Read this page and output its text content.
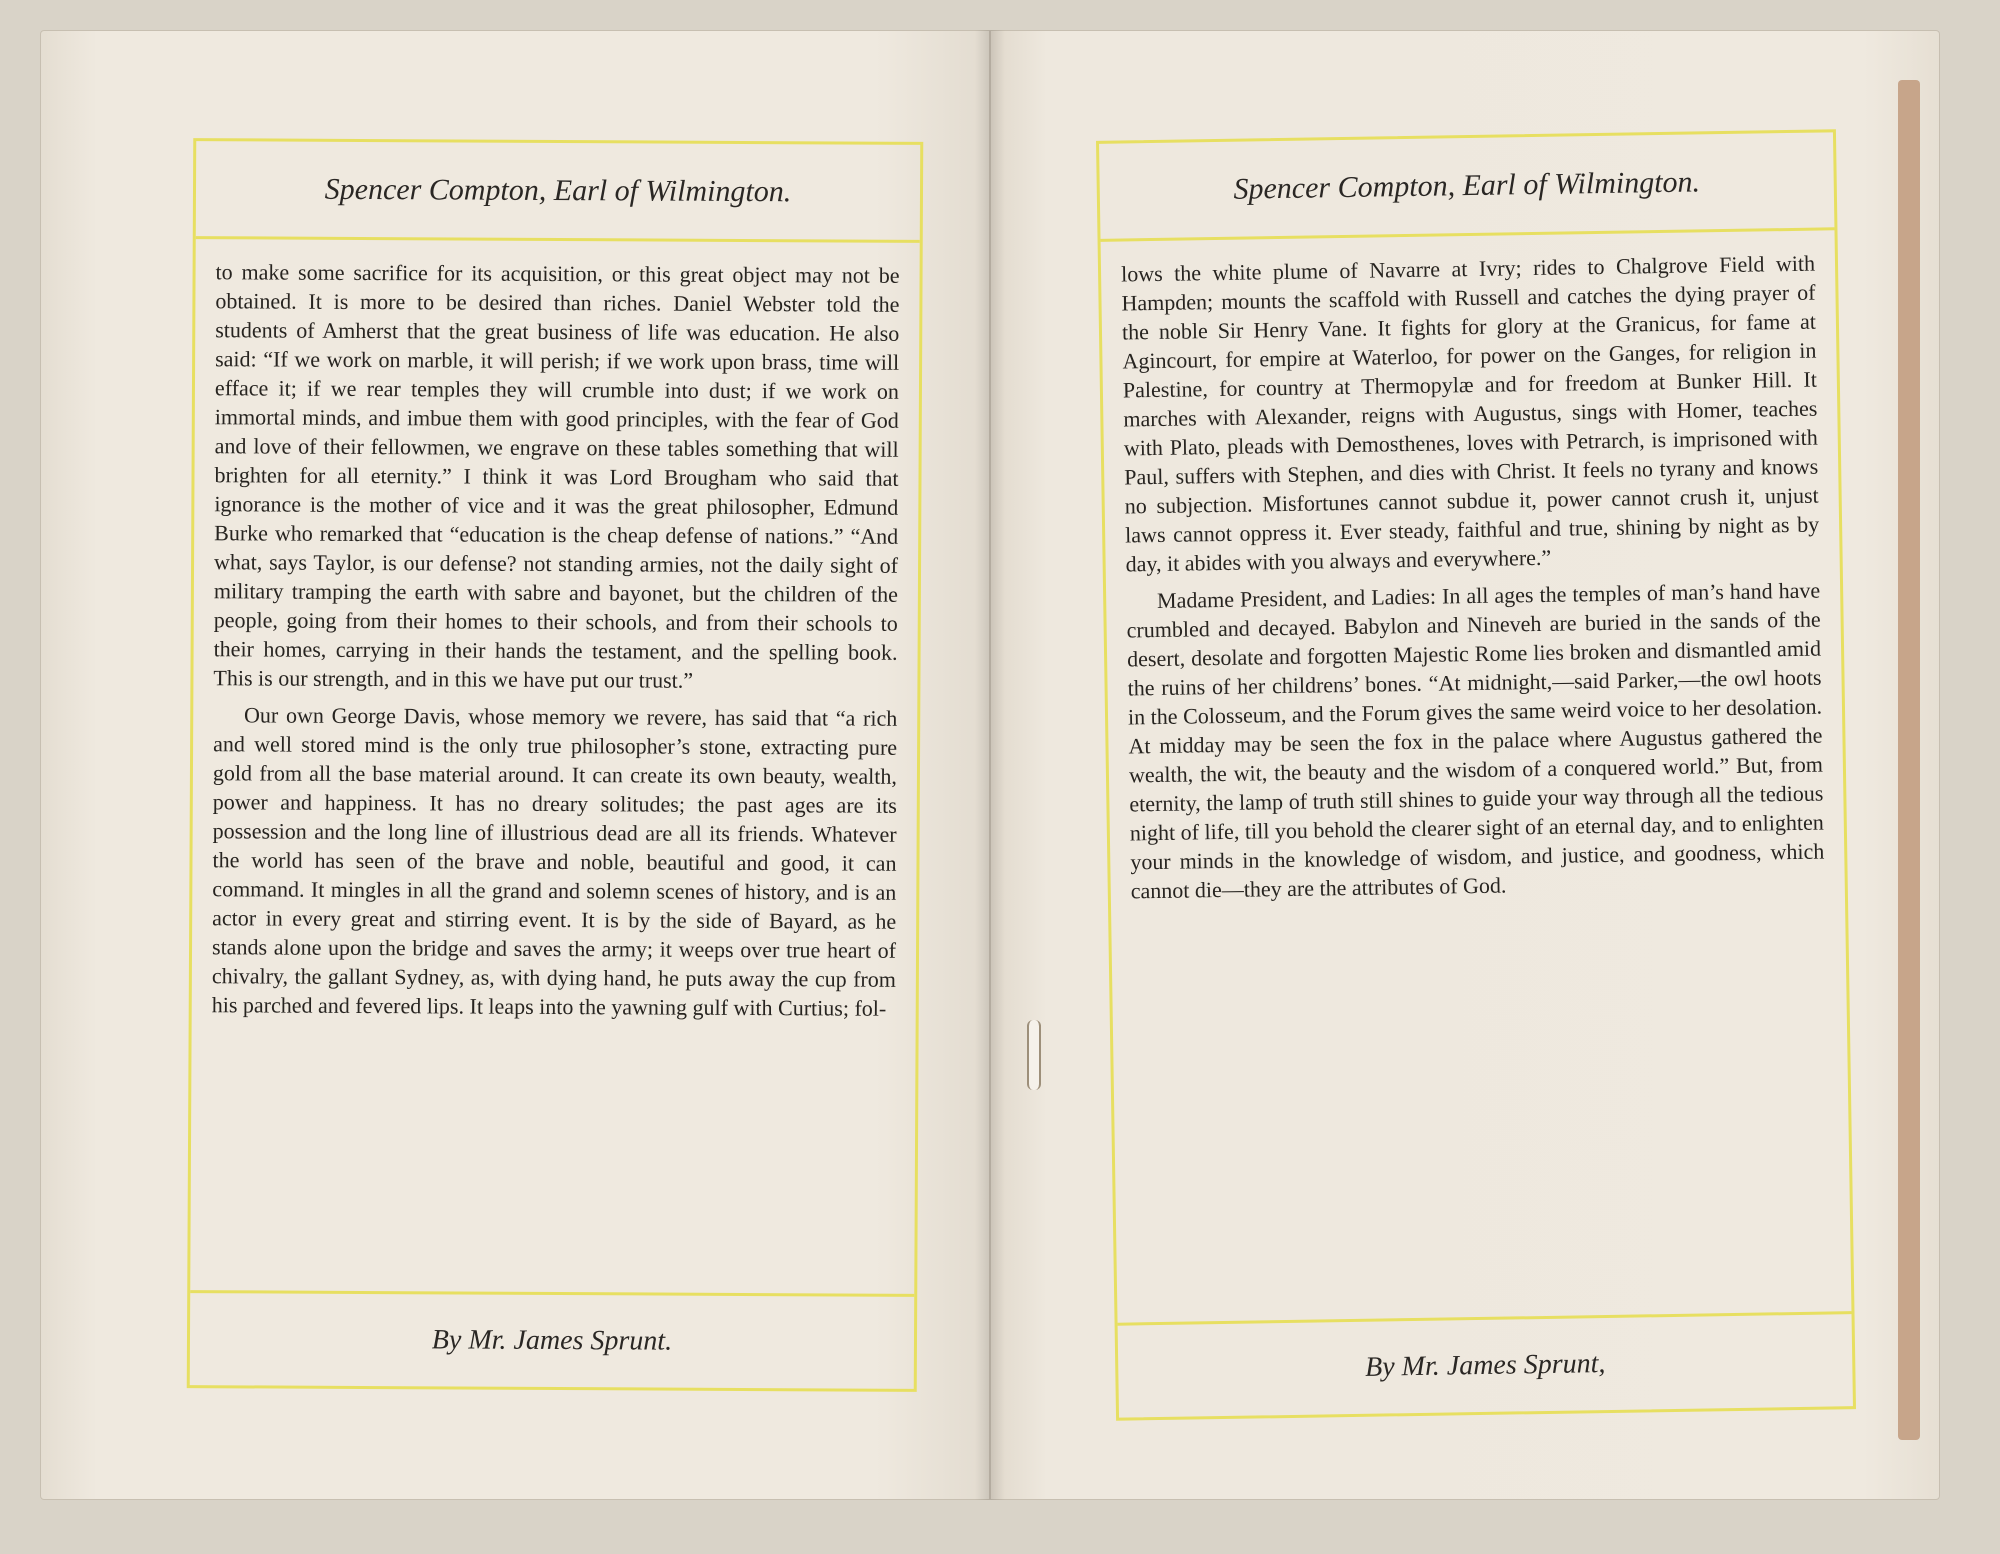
Spencer Compton, Earl of Wilmington.

to make some sacrifice for its acquisition, or this great object may not be obtained. It is more to be desired than riches. Daniel Webster told the students of Amherst that the great business of life was education. He also said: “If we work on marble, it will perish; if we work upon brass, time will efface it; if we rear temples they will crumble into dust; if we work on immortal minds, and imbue them with good principles, with the fear of God and love of their fellowmen, we engrave on these tables something that will brighten for all eternity.” I think it was Lord Brougham who said that ignorance is the mother of vice and it was the great philosopher, Edmund Burke who remarked that “education is the cheap defense of nations.” “And what, says Taylor, is our defense? not standing armies, not the daily sight of military tramping the earth with sabre and bayonet, but the children of the people, going from their homes to their schools, and from their schools to their homes, carrying in their hands the testament, and the spelling book. This is our strength, and in this we have put our trust.”

Our own George Davis, whose memory we revere, has said that “a rich and well stored mind is the only true philosopher’s stone, extracting pure gold from all the base material around. It can create its own beauty, wealth, power and happiness. It has no dreary solitudes; the past ages are its possession and the long line of illustrious dead are all its friends. Whatever the world has seen of the brave and noble, beautiful and good, it can command. It mingles in all the grand and solemn scenes of history, and is an actor in every great and stirring event. It is by the side of Bayard, as he stands alone upon the bridge and saves the army; it weeps over true heart of chivalry, the gallant Sydney, as, with dying hand, he puts away the cup from his parched and fevered lips. It leaps into the yawning gulf with Curtius; fol-

By Mr. James Sprunt.
Spencer Compton, Earl of Wilmington.

lows the white plume of Navarre at Ivry; rides to Chalgrove Field with Hampden; mounts the scaffold with Russell and catches the dying prayer of the noble Sir Henry Vane. It fights for glory at the Granicus, for fame at Agincourt, for empire at Waterloo, for power on the Ganges, for religion in Palestine, for country at Thermopylæ and for freedom at Bunker Hill. It marches with Alexander, reigns with Augustus, sings with Homer, teaches with Plato, pleads with Demosthenes, loves with Petrarch, is imprisoned with Paul, suffers with Stephen, and dies with Christ. It feels no tyrany and knows no subjection. Misfortunes cannot subdue it, power cannot crush it, unjust laws cannot oppress it. Ever steady, faithful and true, shining by night as by day, it abides with you always and everywhere.”

Madame President, and Ladies: In all ages the temples of man’s hand have crumbled and decayed. Babylon and Nineveh are buried in the sands of the desert, desolate and forgotten Majestic Rome lies broken and dismantled amid the ruins of her childrens’ bones. “At midnight,—said Parker,—the owl hoots in the Colosseum, and the Forum gives the same weird voice to her desolation. At midday may be seen the fox in the palace where Augustus gathered the wealth, the wit, the beauty and the wisdom of a conquered world.” But, from eternity, the lamp of truth still shines to guide your way through all the tedious night of life, till you behold the clearer sight of an eternal day, and to enlighten your minds in the knowledge of wisdom, and justice, and goodness, which cannot die—they are the attributes of God.

By Mr. James Sprunt,
